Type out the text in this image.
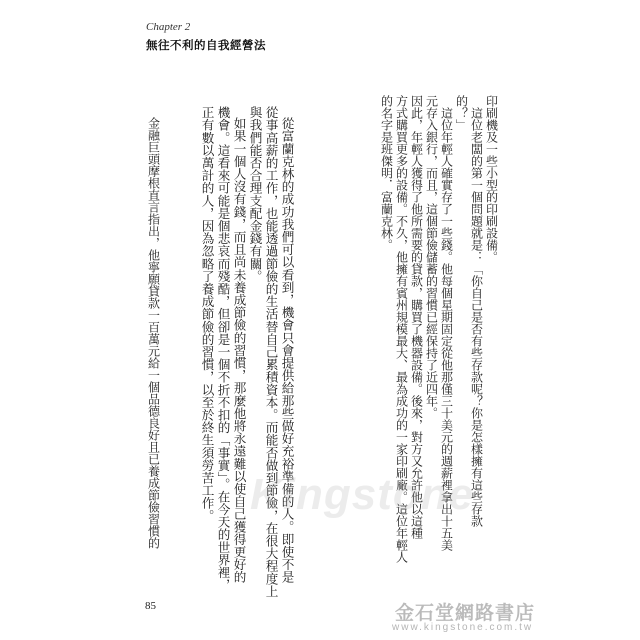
Chapter 2
無往不利的自我經營法
印刷機及一些小型的印刷設備。
這位老闆的第一個問題就是：「你自己是否有些存款呢？你是怎樣擁有這些存款
的？」
這位年輕人確實存了一些錢。他每個星期固定從他那僅三十美元的週薪裡拿出十五美
元存入銀行，而且，這個節儉儲蓄的習慣已經保持了近四年。
因此，年輕人獲得了他所需要的貸款，購買了機器設備。後來，對方又允許他以這種
方式購買更多的設備。不久，他擁有賓州規模最大、最為成功的一家印刷廠。這位年輕人
的名字是班傑明．富蘭克林。
從富蘭克林的成功我們可以看到，機會只會提供給那些做好充裕準備的人。即使不是
從事高薪的工作，也能透過節儉的生活替自己累積資本。而能否做到節儉，在很大程度上
與我們能否合理支配金錢有關。
如果一個人沒有錢，而且尚未養成節儉的習慣，那麼他將永遠難以使自己獲得更好的
機會。這看來可能是個悲哀而殘酷，但卻是一個不折不扣的「事實」。在今天的世界裡，
正有數以萬計的人，因為忽略了養成節儉的習慣，以至於終生須勞苦工作。
金融巨頭摩根直言指出，他寧願貸款一百萬元給一個品德良好且已養成節儉習慣的 Kingstone
85	金石堂網路書店
www.kingstone.com.tw
